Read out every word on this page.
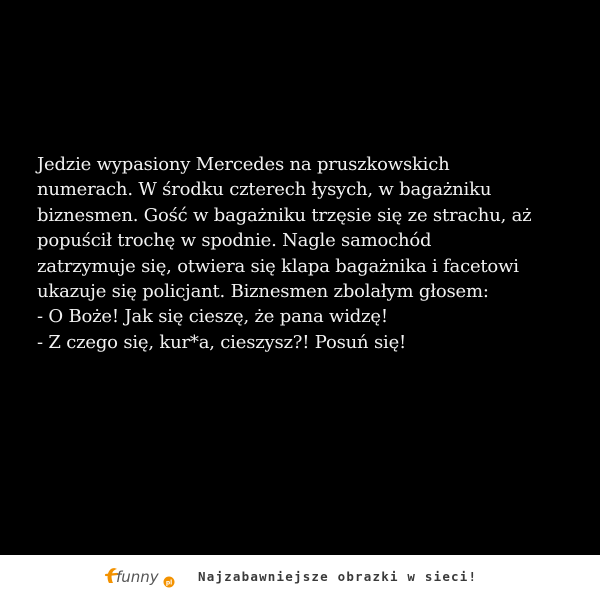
Jedzie wypasiony Mercedes na pruszkowskich
numerach. W środku czterech łysych, w bagażniku
biznesmen. Gość w bagażniku trzęsie się ze strachu, aż
popuścił trochę w spodnie. Nagle samochód
zatrzymuje się, otwiera się klapa bagażnika i facetowi
ukazuje się policjant. Biznesmen zbolałym głosem:
- O Boże! Jak się cieszę, że pana widzę!
- Z czego się, kur*a, cieszysz?! Posuń się!

funny pl Najzabawniejsze obrazki w sieci!
